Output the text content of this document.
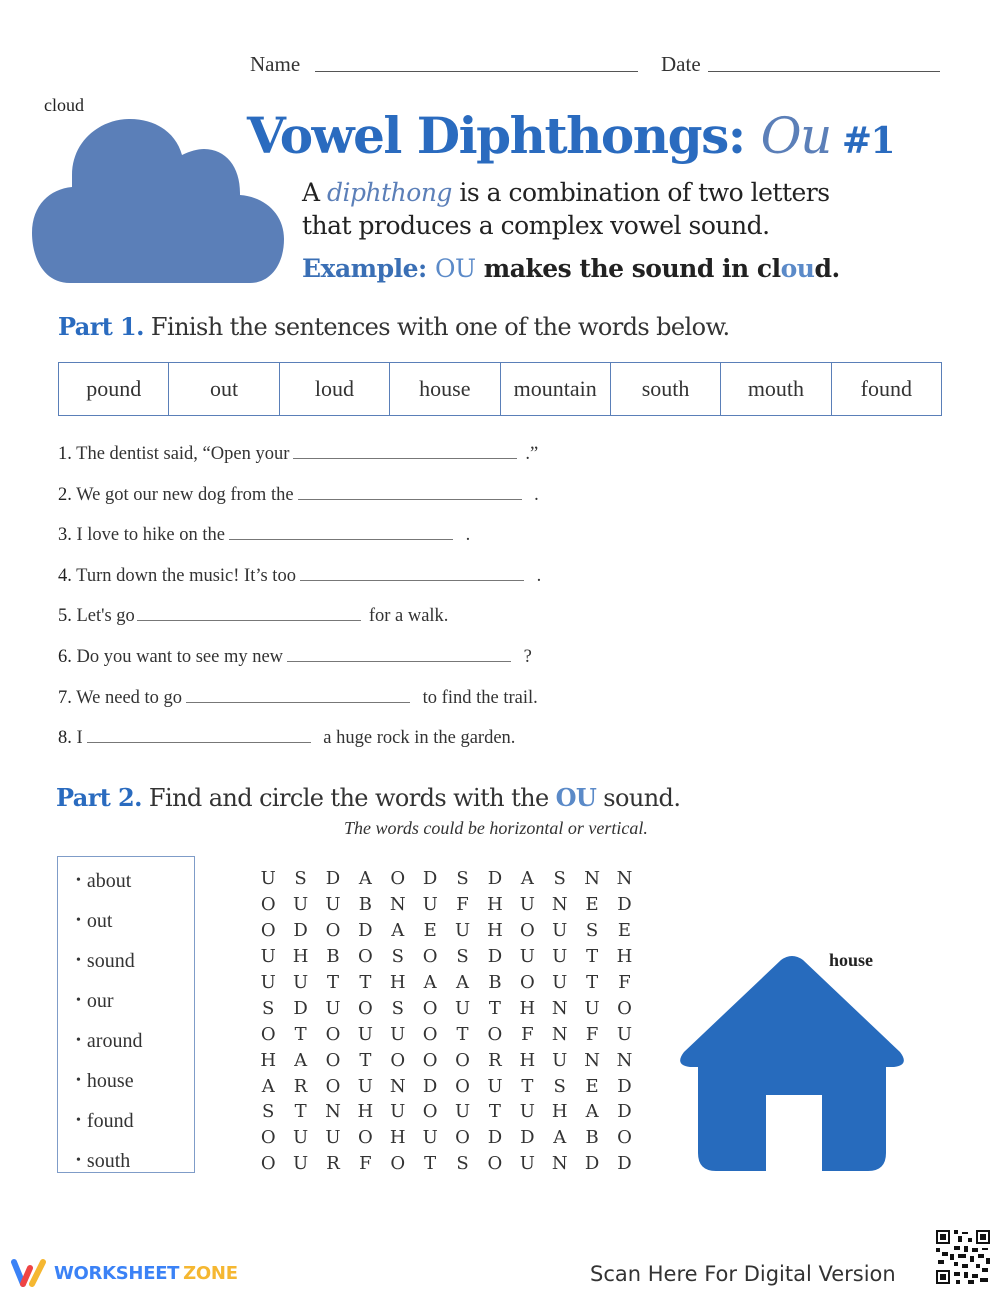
Name	Date
cloud
Vowel Diphthongs: Ou #1
A diphthong is a combination of two letters
that produces a complex vowel sound.
Example: OU makes the sound in cloud.
Part 1. Finish the sentences with one of the words below.
pound	out	loud	house	mountain	south	mouth	found
1. The dentist said, “Open your	.”
2. We got our new dog from the	.
3. I love to hike on the	.
4. Turn down the music! It’s too	.
5. Let's go	for a walk.
6. Do you want to see my new	?
7. We need to go	to find the trail.
8. I	a huge rock in the garden.
Part 2. Find and circle the words with the OU sound.
The words could be horizontal or vertical.
• about
• out
• sound
• our
• around
• house
• found
• south
U	S	D	A	O D	S	D	A	S	N N
O U U	B N U	F	H U N E	D
O D O D	A	E	U H O U	S	E
U H B	O	S	O	S	D U U	T	H
U U	T	T	H	A	A	B	O U	T	F
S	D U O	S	O U	T	H N U O
O	T	O U U O	T	O	F	N	F	U
H	A	O	T	O O O	R H U N N
A	R	O U N D O U	T	S	E	D
S	T	N H U O U	T	U H	A	D
O U U O H U O D D	A	B	O
O U	R	F	O	T	S	O U N D D
house
WORKSHEET ZONE	Scan Here For Digital Version
